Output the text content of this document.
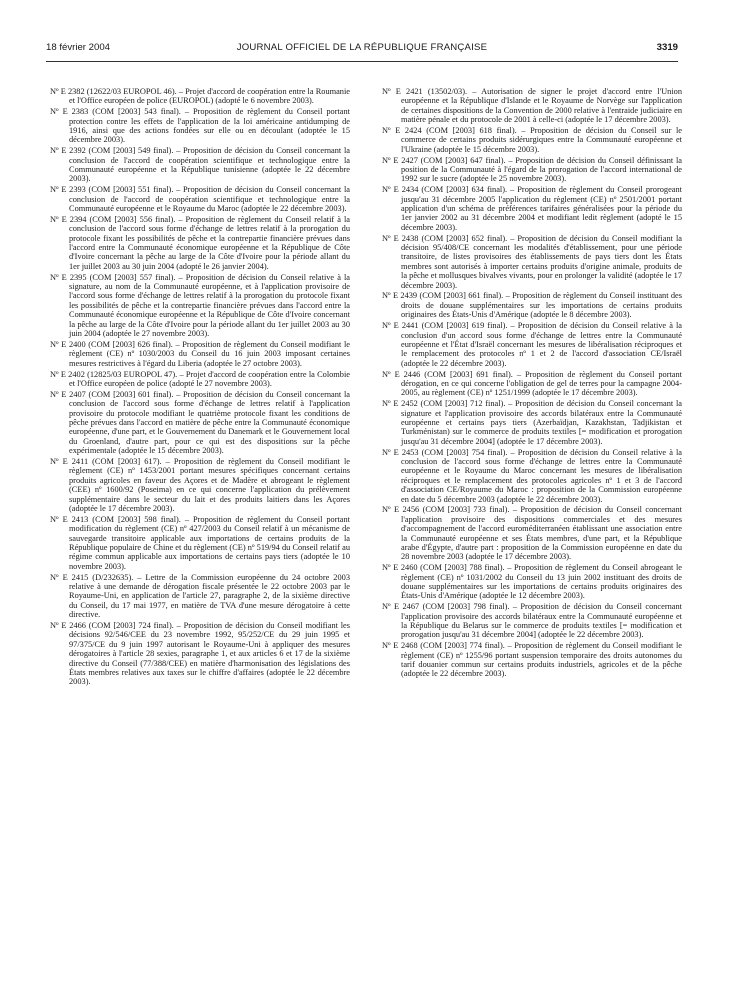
18 février 2004	JOURNAL OFFICIEL DE LA RÉPUBLIQUE FRANÇAISE	3319

Nº E 2382 (12622/03 EUROPOL 46). – Projet d'accord de coopération entre la Roumanie et l'Office européen de police (EUROPOL) (adopté le 6 novembre 2003).

Nº E 2383 (COM [2003] 543 final). – Proposition de règlement du Conseil portant protection contre les effets de l'application de la loi américaine antidumping de 1916, ainsi que des actions fondées sur elle ou en découlant (adoptée le 15 décembre 2003).

Nº E 2392 (COM [2003] 549 final). – Proposition de décision du Conseil concernant la conclusion de l'accord de coopération scientifique et technologique entre la Communauté européenne et la République tunisienne (adoptée le 22 décembre 2003).

Nº E 2393 (COM [2003] 551 final). – Proposition de décision du Conseil concernant la conclusion de l'accord de coopération scientifique et technologique entre la Communauté européenne et le Royaume du Maroc (adoptée le 22 décembre 2003).

Nº E 2394 (COM [2003] 556 final). – Proposition de règlement du Conseil relatif à la conclusion de l'accord sous forme d'échange de lettres relatif à la prorogation du protocole fixant les possibilités de pêche et la contrepartie financière prévues dans l'accord entre la Communauté économique européenne et la République de Côte d'Ivoire concernant la pêche au large de la Côte d'Ivoire pour la période allant du 1er juillet 2003 au 30 juin 2004 (adopté le 26 janvier 2004).

Nº E 2395 (COM [2003] 557 final). – Proposition de décision du Conseil relative à la signature, au nom de la Communauté européenne, et à l'application provisoire de l'accord sous forme d'échange de lettres relatif à la prorogation du protocole fixant les possibilités de pêche et la contrepartie financière prévues dans l'accord entre la Communauté économique européenne et la République de Côte d'Ivoire concernant la pêche au large de la Côte d'Ivoire pour la période allant du 1er juillet 2003 au 30 juin 2004 (adoptée le 27 novembre 2003).

Nº E 2400 (COM [2003] 626 final). – Proposition de règlement du Conseil modifiant le règlement (CE) nº 1030/2003 du Conseil du 16 juin 2003 imposant certaines mesures restrictives à l'égard du Liberia (adoptée le 27 octobre 2003).

Nº E 2402 (12825/03 EUROPOL 47). – Projet d'accord de coopération entre la Colombie et l'Office européen de police (adopté le 27 novembre 2003).

Nº E 2407 (COM [2003] 601 final). – Proposition de décision du Conseil concernant la conclusion de l'accord sous forme d'échange de lettres relatif à l'application provisoire du protocole modifiant le quatrième protocole fixant les conditions de pêche prévues dans l'accord en matière de pêche entre la Communauté économique européenne, d'une part, et le Gouvernement du Danemark et le Gouvernement local du Groenland, d'autre part, pour ce qui est des dispositions sur la pêche expérimentale (adoptée le 15 décembre 2003).

Nº E 2411 (COM [2003] 617). – Proposition de règlement du Conseil modifiant le règlement (CE) nº 1453/2001 portant mesures spécifiques concernant certains produits agricoles en faveur des Açores et de Madère et abrogeant le règlement (CEE) nº 1600/92 (Poseima) en ce qui concerne l'application du prélèvement supplémentaire dans le secteur du lait et des produits laitiers dans les Açores (adoptée le 17 décembre 2003).

Nº E 2413 (COM [2003] 598 final). – Proposition de règlement du Conseil portant modification du règlement (CE) nº 427/2003 du Conseil relatif à un mécanisme de sauvegarde transitoire applicable aux importations de certains produits de la République populaire de Chine et du règlement (CE) nº 519/94 du Conseil relatif au régime commun applicable aux importations de certains pays tiers (adoptée le 10 novembre 2003).

Nº E 2415 (D/232635). – Lettre de la Commission européenne du 24 octobre 2003 relative à une demande de dérogation fiscale présentée le 22 octobre 2003 par le Royaume-Uni, en application de l'article 27, paragraphe 2, de la sixième directive du Conseil, du 17 mai 1977, en matière de TVA d'une mesure dérogatoire à cette directive.

Nº E 2466 (COM [2003] 724 final). – Proposition de décision du Conseil modifiant les décisions 92/546/CEE du 23 novembre 1992, 95/252/CE du 29 juin 1995 et 97/375/CE du 9 juin 1997 autorisant le Royaume-Uni à appliquer des mesures dérogatoires à l'article 28 sexies, paragraphe 1, et aux articles 6 et 17 de la sixième directive du Conseil (77/388/CEE) en matière d'harmonisation des législations des États membres relatives aux taxes sur le chiffre d'affaires (adoptée le 22 décembre 2003).

Nº E 2421 (13502/03). – Autorisation de signer le projet d'accord entre l'Union européenne et la République d'Islande et le Royaume de Norvège sur l'application de certaines dispositions de la Convention de 2000 relative à l'entraide judiciaire en matière pénale et du protocole de 2001 à celle-ci (adoptée le 17 décembre 2003).

Nº E 2424 (COM [2003] 618 final). – Proposition de décision du Conseil sur le commerce de certains produits sidérurgiques entre la Communauté européenne et l'Ukraine (adoptée le 15 décembre 2003).

Nº E 2427 (COM [2003] 647 final). – Proposition de décision du Conseil définissant la position de la Communauté à l'égard de la prorogation de l'accord international de 1992 sur le sucre (adoptée le 25 novembre 2003).

Nº E 2434 (COM [2003] 634 final). – Proposition de règlement du Conseil prorogeant jusqu'au 31 décembre 2005 l'application du règlement (CE) nº 2501/2001 portant application d'un schéma de préférences tarifaires généralisées pour la période du 1er janvier 2002 au 31 décembre 2004 et modifiant ledit règlement (adopté le 15 décembre 2003).

Nº E 2438 (COM [2003] 652 final). – Proposition de décision du Conseil modifiant la décision 95/408/CE concernant les modalités d'établissement, pour une période transitoire, de listes provisoires des établissements de pays tiers dont les États membres sont autorisés à importer certains produits d'origine animale, produits de la pêche et mollusques bivalves vivants, pour en prolonger la validité (adoptée le 17 décembre 2003).

Nº E 2439 (COM [2003] 661 final). – Proposition de règlement du Conseil instituant des droits de douane supplémentaires sur les importations de certains produits originaires des États-Unis d'Amérique (adoptée le 8 décembre 2003).

Nº E 2441 (COM [2003] 619 final). – Proposition de décision du Conseil relative à la conclusion d'un accord sous forme d'échange de lettres entre la Communauté européenne et l'État d'Israël concernant les mesures de libéralisation réciproques et le remplacement des protocoles nº 1 et 2 de l'accord d'association CE/Israël (adoptée le 22 décembre 2003).

Nº E 2446 (COM [2003] 691 final). – Proposition de règlement du Conseil portant dérogation, en ce qui concerne l'obligation de gel de terres pour la campagne 2004-2005, au règlement (CE) nº 1251/1999 (adoptée le 17 décembre 2003).

Nº E 2452 (COM [2003] 712 final). – Proposition de décision du Conseil concernant la signature et l'application provisoire des accords bilatéraux entre la Communauté européenne et certains pays tiers (Azerbaïdjan, Kazakhstan, Tadjikistan et Turkménistan) sur le commerce de produits textiles [= modification et prorogation jusqu'au 31 décembre 2004] (adoptée le 17 décembre 2003).

Nº E 2453 (COM [2003] 754 final). – Proposition de décision du Conseil relative à la conclusion de l'accord sous forme d'échange de lettres entre la Communauté européenne et le Royaume du Maroc concernant les mesures de libéralisation réciproques et le remplacement des protocoles agricoles nº 1 et 3 de l'accord d'association CE/Royaume du Maroc : proposition de la Commission européenne en date du 5 décembre 2003 (adoptée le 22 décembre 2003).

Nº E 2456 (COM [2003] 733 final). – Proposition de décision du Conseil concernant l'application provisoire des dispositions commerciales et des mesures d'accompagnement de l'accord euroméditerranéen établissant une association entre la Communauté européenne et ses États membres, d'une part, et la République arabe d'Égypte, d'autre part : proposition de la Commission européenne en date du 28 novembre 2003 (adoptée le 17 décembre 2003).

Nº E 2460 (COM [2003] 788 final). – Proposition de règlement du Conseil abrogeant le règlement (CE) nº 1031/2002 du Conseil du 13 juin 2002 instituant des droits de douane supplémentaires sur les importations de certains produits originaires des États-Unis d'Amérique (adoptée le 12 décembre 2003).

Nº E 2467 (COM [2003] 798 final). – Proposition de décision du Conseil concernant l'application provisoire des accords bilatéraux entre la Communauté européenne et la République du Belarus sur le commerce de produits textiles [= modification et prorogation jusqu'au 31 décembre 2004] (adoptée le 22 décembre 2003).

Nº E 2468 (COM [2003] 774 final). – Proposition de règlement du Conseil modifiant le règlement (CE) nº 1255/96 portant suspension temporaire des droits autonomes du tarif douanier commun sur certains produits industriels, agricoles et de la pêche (adoptée le 22 décembre 2003).
